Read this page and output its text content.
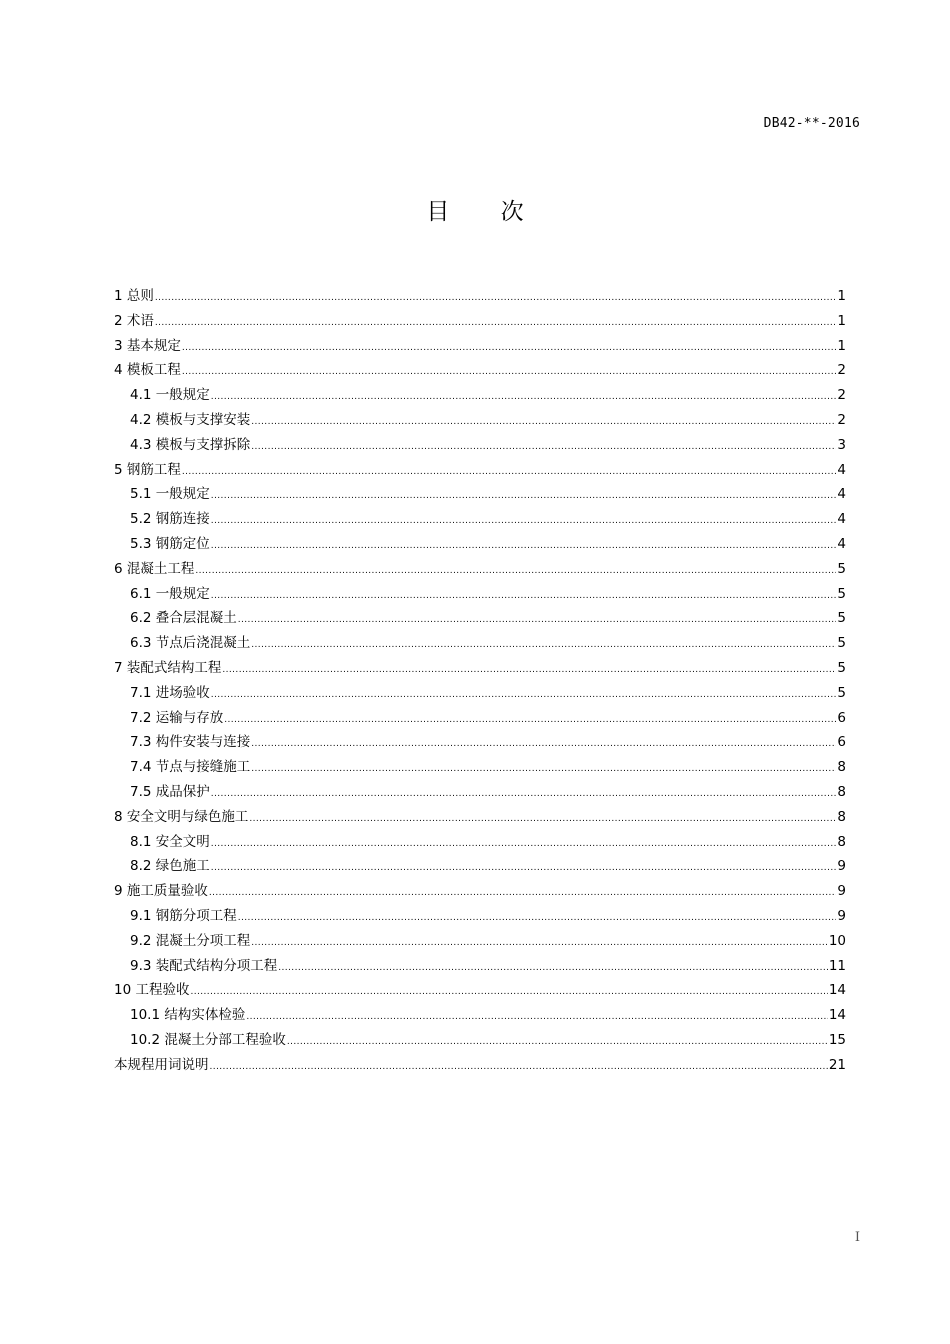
DB42-**-2016
目 次
1 总则 .....	1
2 术语 .....	1
3 基本规定 .....	1
4 模板工程 .....	2
4.1 一般规定 .....	2
4.2 模板与支撑安装 .....	2
4.3 模板与支撑拆除 .....	3
5 钢筋工程 .....	4
5.1 一般规定 .....	4
5.2 钢筋连接 .....	4
5.3 钢筋定位 .....	4
6 混凝土工程 .....	5
6.1 一般规定 .....	5
6.2 叠合层混凝土 .....	5
6.3 节点后浇混凝土 .....	5
7 装配式结构工程 .....	5
7.1 进场验收 .....	5
7.2 运输与存放 .....	6
7.3 构件安装与连接 .....	6
7.4 节点与接缝施工 .....	8
7.5 成品保护 .....	8
8 安全文明与绿色施工 .....	8
8.1 安全文明 .....	8
8.2 绿色施工 .....	9
9 施工质量验收 .....	9
9.1 钢筋分项工程 .....	9
9.2 混凝土分项工程 .....	10
9.3 装配式结构分项工程 .....	11
10 工程验收 .....	14
10.1 结构实体检验 .....	14
10.2 混凝土分部工程验收 .....	15
本规程用词说明 .....	21
I
